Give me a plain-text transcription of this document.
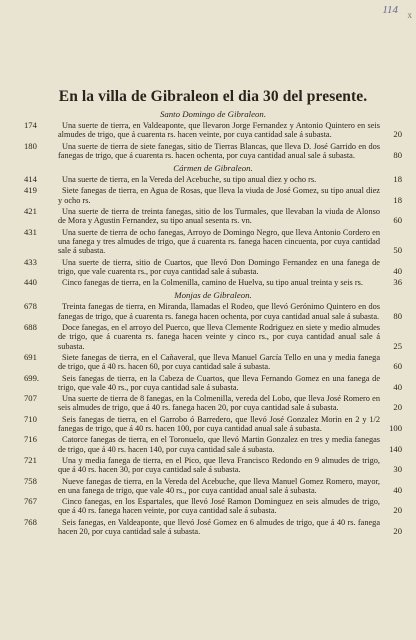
114 x
En la villa de Gibraleon el dia 30 del presente.
Santo Domingo de Gibraleon.
174	Una suerte de tierra, en Valdeaponte, que llevaron Jorge Fernandez y Antonio Quintero en seis almudes de trigo, que á cuarenta rs. hacen veinte, por cuya cantidad sale á subasta.	20
180	Una suerte de tierra de siete fanegas, sitio de Tierras Blancas, que lleva D. José Garrido en dos fanegas de trigo, que á cuarenta rs. hacen ochenta, por cuya cantidad anual sale á subasta.	80
Cármen de Gibraleon.
414	Una suerte de tierra, en la Vereda del Acebuche, su tipo anual diez y ocho rs.	18
419	Siete fanegas de tierra, en Agua de Rosas, que lleva la viuda de José Gomez, su tipo anual diez y ocho rs.	18
421	Una suerte de tierra de treinta fanegas, sitio de los Turmales, que llevaban la viuda de Alonso de Mora y Agustin Fernandez, su tipo anual sesenta rs. vn.	60
431	Una suerte de tierra de ocho fanegas, Arroyo de Domingo Negro, que lleva Antonio Cordero en una fanega y tres almudes de trigo, que á cuarenta rs. fanega hacen cincuenta, por cuya cantidad sale á subasta.	50
433	Una suerte de tierra, sitio de Cuartos, que llevó Don Domingo Fernandez en una fanega de trigo, que vale cuarenta rs., por cuya cantidad sale á subasta.	40
440	Cinco fanegas de tierra, en la Colmenilla, camino de Huelva, su tipo anual treinta y seis rs.	36
Monjas de Gibraleon.
678	Treinta fanegas de tierra, en Miranda, llamadas el Rodeo, que llevó Gerónimo Quintero en dos fanegas de trigo, que á cuarenta rs. fanega hacen ochenta, por cuya cantidad anual sale á subasta. 80
688	Doce fanegas, en el arroyo del Puerco, que lleva Clemente Rodriguez en siete y medio almudes de trigo, que á cuarenta rs. fanega hacen veinte y cinco rs., por cuya cantidad anual sale á subasta.	25
691	Siete fanegas de tierra, en el Cañaveral, que lleva Manuel García Tello en una y media fanega de trigo, que á 40 rs. hacen 60, por cuya cantidad sale á subasta.	60
699.	Seis fanegas de tierra, en la Cabeza de Cuartos, que lleva Fernando Gomez en una fanega de trigo, que vale 40 rs., por cuya cantidad sale á subasta.	40
707	Una suerte de tierra de 8 fanegas, en la Colmenilla, vereda del Lobo, que lleva José Romero en seis almudes de trigo, que á 40 rs. fanega hacen 20, por cuya cantidad sale á subasta.	20
710	Seis fanegas de tierra, en el Garrobo ó Barredero, que llevó José Gonzalez Morin en 2 y 1/2 fanegas de trigo, que á 40 rs. hacen 100, por cuya cantidad anual sale á subasta.	100
716	Catorce fanegas de tierra, en el Toronuelo, que llevó Martin Gonzalez en tres y media fanegas de trigo, que á 40 rs. hacen 140, por cuya cantidad sale á subasta.	140
721	Una y media fanega de tierra, en el Pico, que lleva Francisco Redondo en 9 almudes de trigo, que á 40 rs. hacen 30, por cuya cantidad sale á subasta.	30
758	Nueve fanegas de tierra, en la Vereda del Acebuche, que lleva Manuel Gomez Romero, mayor, en una fanega de trigo, que vale 40 rs., por cuya cantidad anual sale á subasta.	40
767	Cinco fanegas, en los Espartales, que llevó José Ramon Dominguez en seis almudes de trigo, que á 40 rs. fanega hacen veinte, por cuya cantidad sale á subasta.	20
768	Seis fanegas, en Valdeaponte, que llevó José Gomez en 6 almudes de trigo, que á 40 rs. fanega hacen 20, por cuya cantidad sale á subasta.	20
